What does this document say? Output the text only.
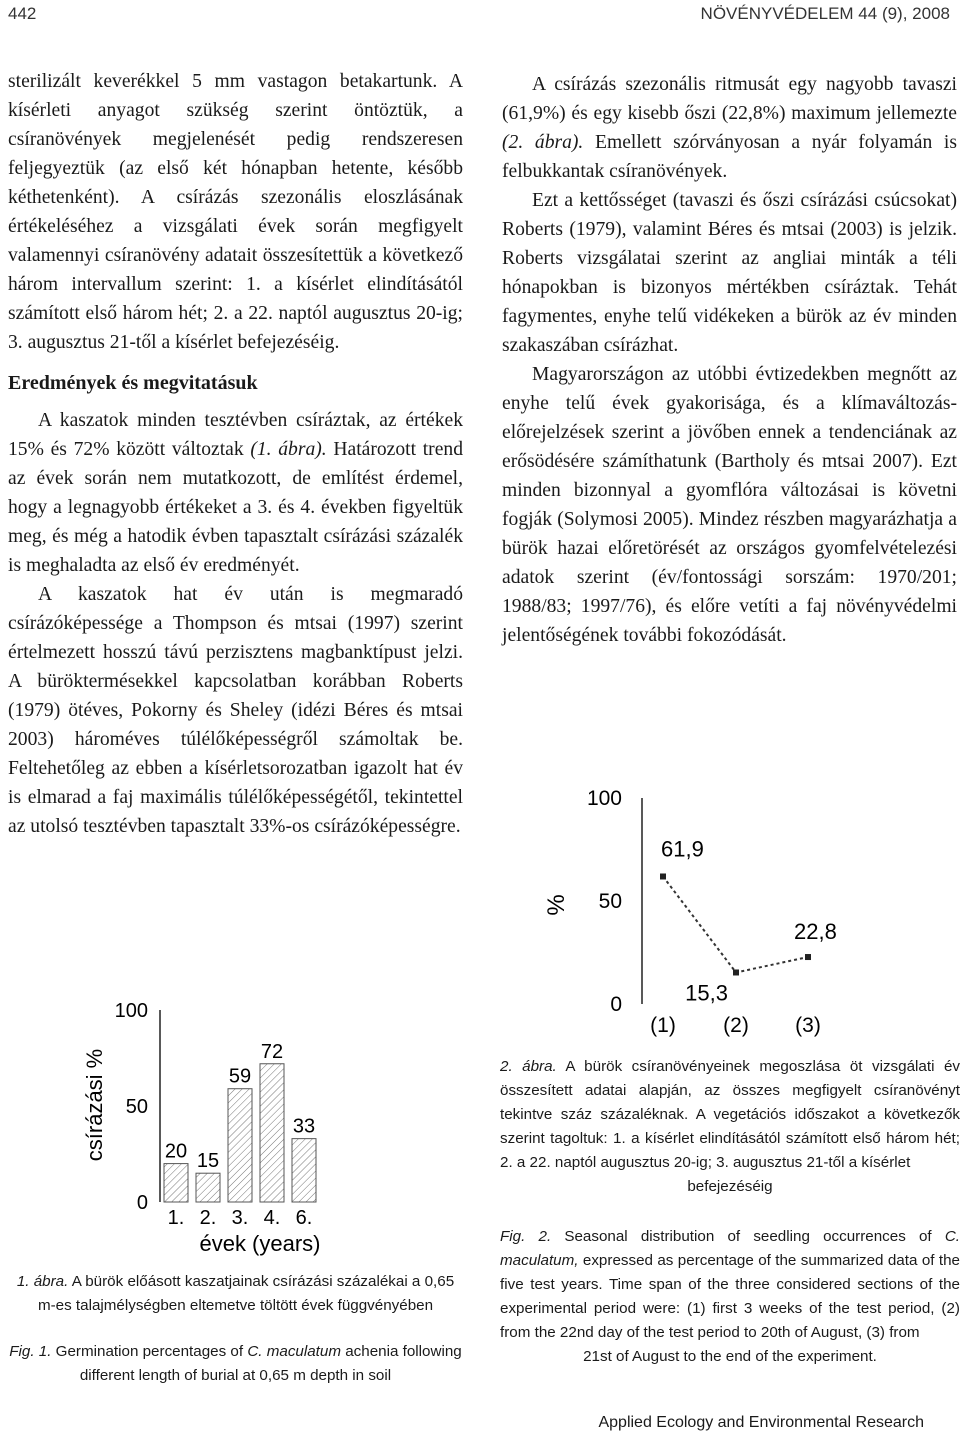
442	NÖVÉNYVÉDELEM 44 (9), 2008

sterilizált keverékkel 5 mm vastagon betakartunk. A kísérleti anyagot szükség szerint öntöztük, a csíranövények megjelenését pedig rendszeresen feljegyeztük (az első két hónapban hetente, később kéthetenként). A csírázás szezonális eloszlásának értékeléséhez a vizsgálati évek során megfigyelt valamennyi csíranövény adatait összesítettük a következő három intervallum szerint: 1. a kísérlet elindításától számított első három hét; 2. a 22. naptól augusztus 20-ig; 3. augusztus 21-től a kísérlet befejezéséig.

Eredmények és megvitatásuk

A kaszatok minden tesztévben csíráztak, az értékek 15% és 72% között változtak (1. ábra). Határozott trend az évek során nem mutatkozott, de említést érdemel, hogy a legnagyobb értékeket a 3. és 4. években figyeltük meg, és még a hatodik évben tapasztalt csírázási százalék is meghaladta az első év eredményét.

A kaszatok hat év után is megmaradó csírázóképessége a Thompson és mtsai (1997) szerint értelmezett hosszú távú perzisztens magbanktípust jelzi. A büröktermésekkel kapcsolatban korábban Roberts (1979) ötéves, Pokorny és Sheley (idézi Béres és mtsai 2003) hároméves túlélőképességről számoltak be. Feltehetőleg az ebben a kísérletsorozatban igazolt hat év is elmarad a faj maximális túlélőképességétől, tekintettel az utolsó tesztévben tapasztalt 33%-os csírázóképességre.

A csírázás szezonális ritmusát egy nagyobb tavaszi (61,9%) és egy kisebb őszi (22,8%) maximum jellemezte (2. ábra). Emellett szórványosan a nyár folyamán is felbukkantak csíranövények.

Ezt a kettősséget (tavaszi és őszi csírázási csúcsokat) Roberts (1979), valamint Béres és mtsai (2003) is jelzik. Roberts vizsgálatai szerint az angliai minták a téli hónapokban is bizonyos mértékben csíráztak. Tehát fagymentes, enyhe telű vidékeken a bürök az év minden szakaszában csírázhat.

Magyarországon az utóbbi évtizedekben megnőtt az enyhe telű évek gyakorisága, és a klímaváltozás-előrejelzések szerint a jövőben ennek a tendenciának az erősödésére számíthatunk (Bartholy és mtsai 2007). Ezt minden bizonnyal a gyomflóra változásai is követni fogják (Solymosi 2005). Mindez részben magyarázhatja a bürök hazai előretörését az országos gyomfelvételezési adatok szerint (év/fontossági sorszám: 1970/201; 1988/83; 1997/76), és előre vetíti a faj növényvédelmi jelentőségének további fokozódását.

csírázási %
évek (years)
0
50
100
20
1.
15
2.
59
3.
72
4.
33
6.
%
0
50
100
61,9
(1)
15,3
(2)
22,8
(3)

1. ábra. A bürök előásott kaszatjainak csírázási százalékai a 0,65 m-es talajmélységben eltemetve töltött évek függvényében

Fig. 1. Germination percentages of C. maculatum achenia following different length of burial at 0,65 m depth in soil

2. ábra. A bürök csíranövényeinek megoszlása öt vizsgálati év összesített adatai alapján, az összes megfigyelt csíranövényt tekintve száz százaléknak. A vegetációs időszakot a következők szerint tagoltuk: 1. a kísérlet elindításától számított első három hét; 2. a 22. naptól augusztus 20-ig; 3. augusztus 21-től a kísérlet

befejezéséig

Fig. 2. Seasonal distribution of seedling occurrences of C. maculatum, expressed as percentage of the summarized data of the five test years. Time span of the three considered sections of the experimental period were: (1) first 3 weeks of the test period, (2) from the 22nd day of the test period to 20th of August, (3) from

21st of August to the end of the experiment.

Applied Ecology and Environmental Research
